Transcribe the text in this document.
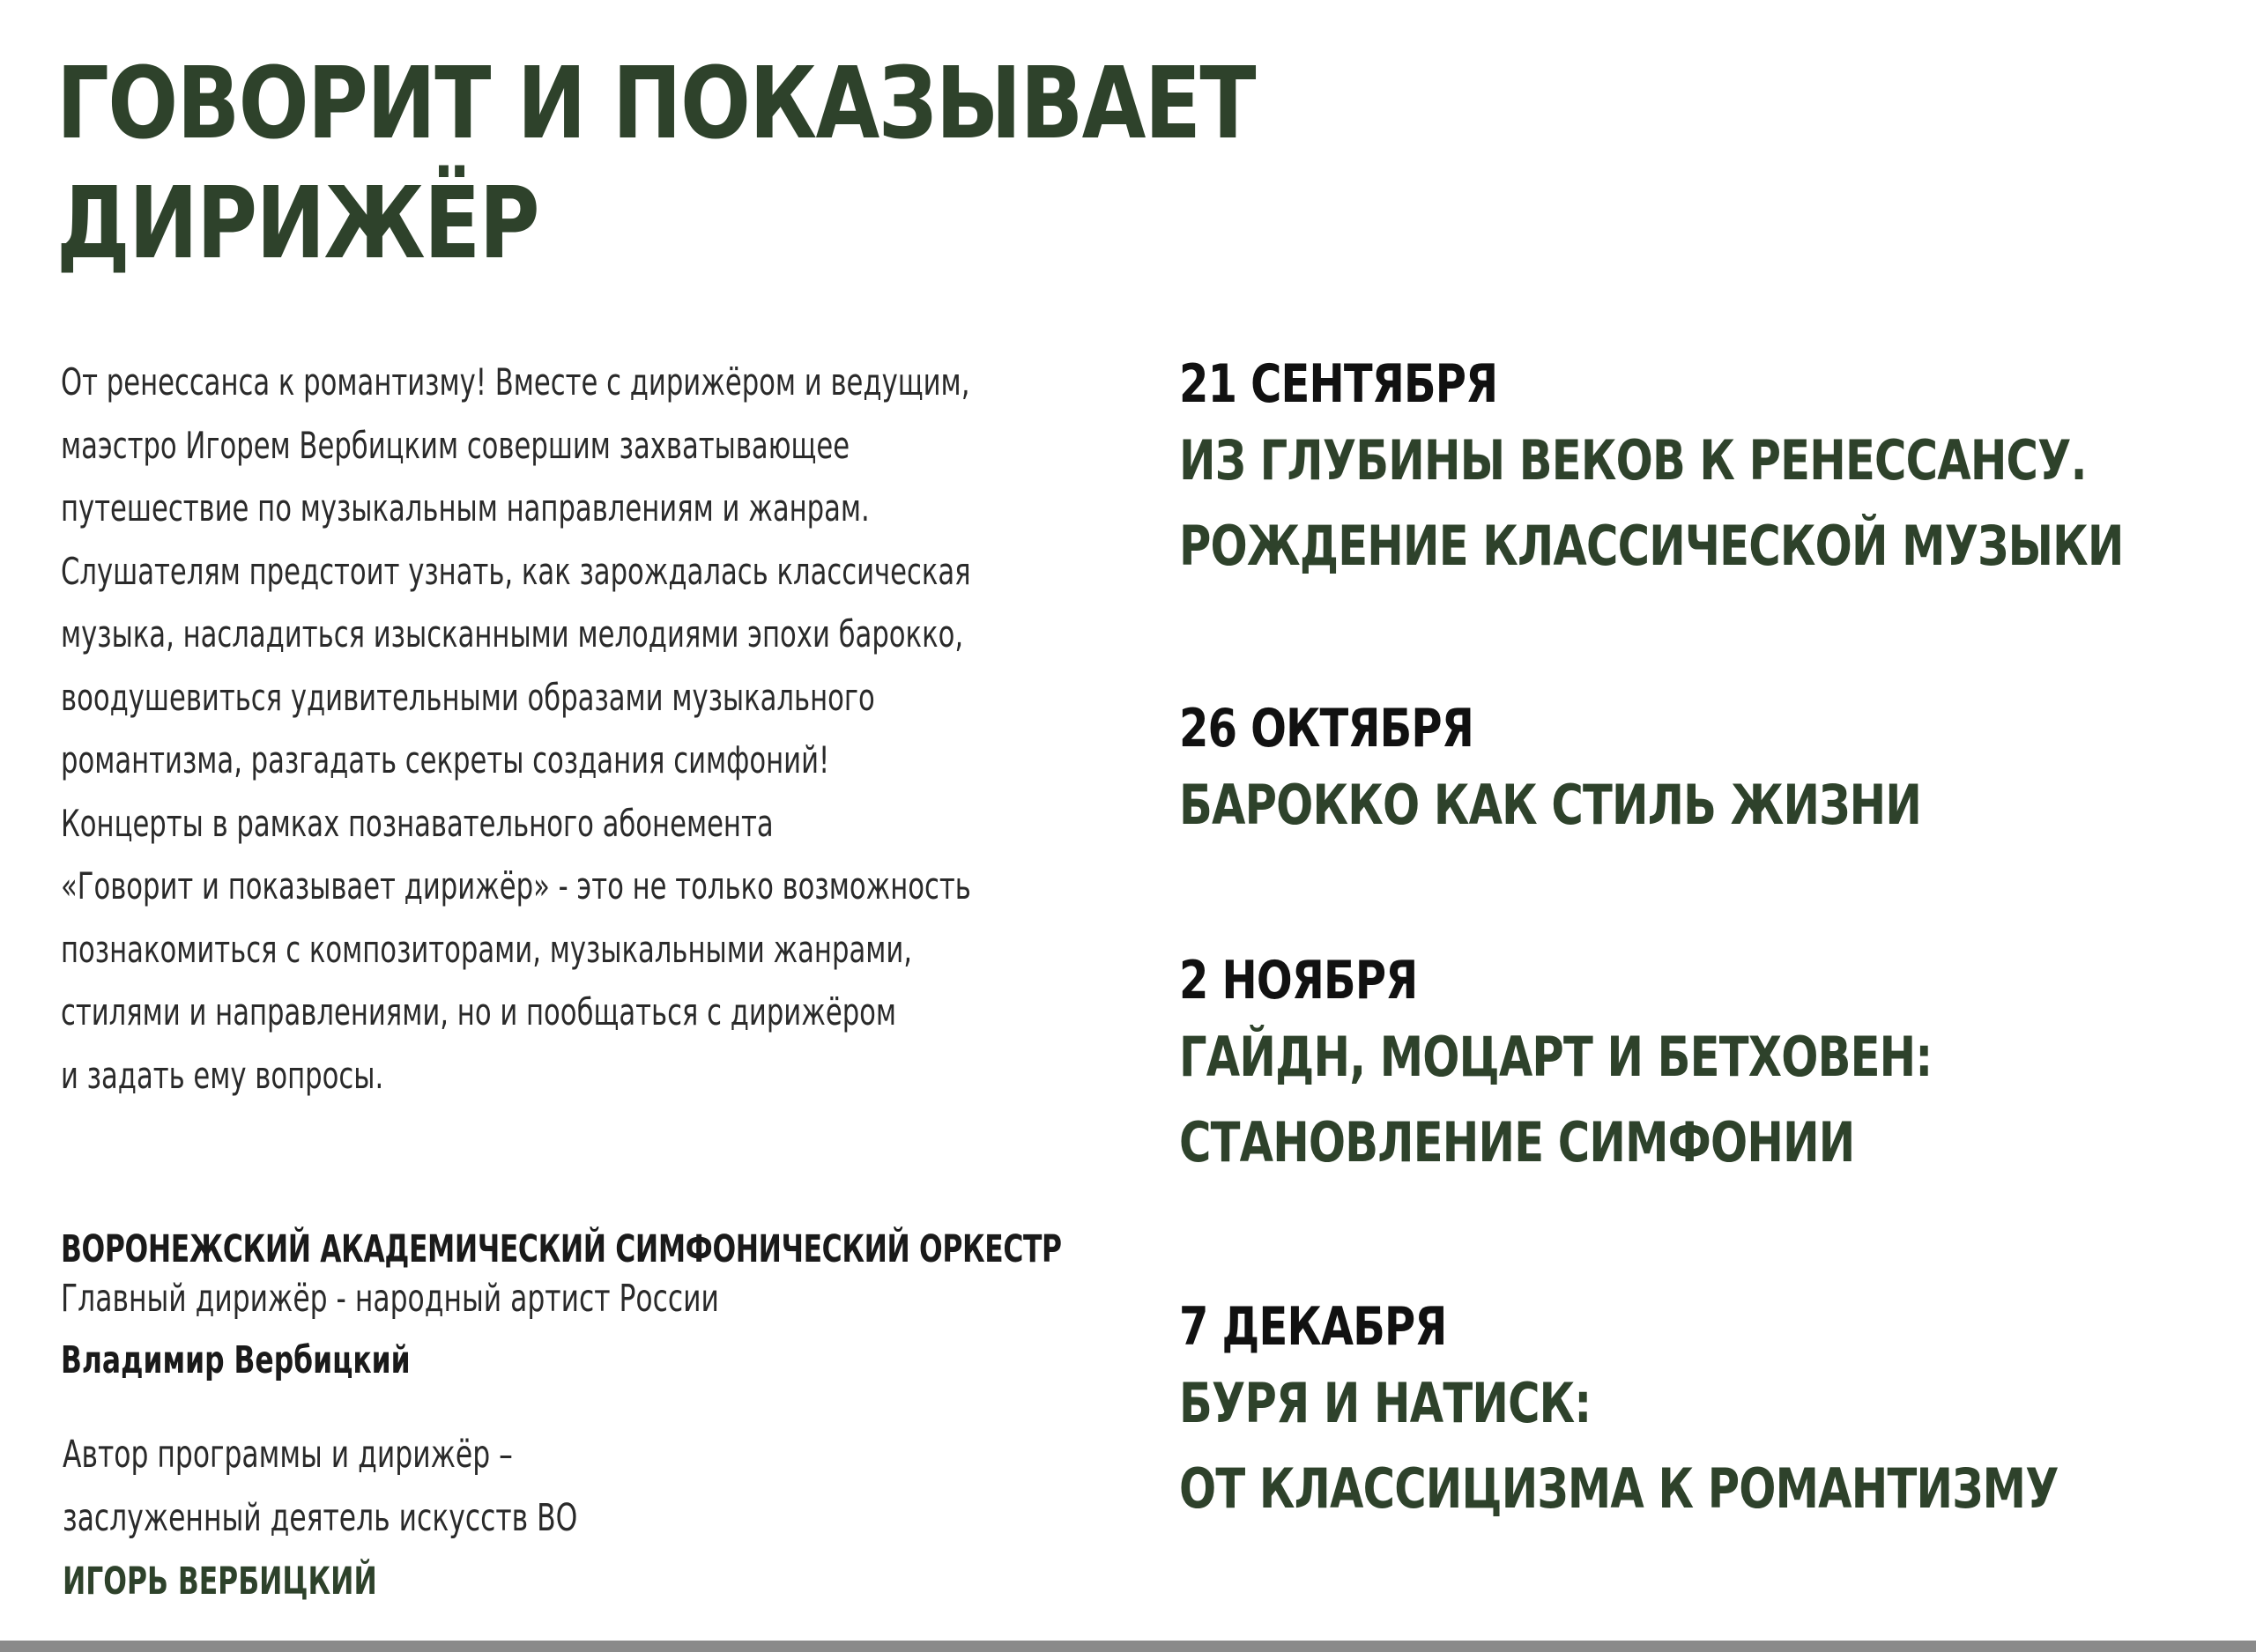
ГОВОРИТ И ПОКАЗЫВАЕТ
ДИРИЖЁР
От ренессанса к романтизму! Вместе с дирижёром и ведущим,
маэстро Игорем Вербицким совершим захватывающее
путешествие по музыкальным направлениям и жанрам.
Слушателям предстоит узнать, как зарождалась классическая
музыка, насладиться изысканными мелодиями эпохи барокко,
воодушевиться удивительными образами музыкального
романтизма, разгадать секреты создания симфоний!
Концерты в рамках познавательного абонемента
«Говорит и показывает дирижёр» - это не только возможность
познакомиться с композиторами, музыкальными жанрами,
стилями и направлениями, но и пообщаться с дирижёром
и задать ему вопросы.
ВОРОНЕЖСКИЙ АКАДЕМИЧЕСКИЙ СИМФОНИЧЕСКИЙ ОРКЕСТР
Главный дирижёр - народный артист России
Владимир Вербицкий
Автор программы и дирижёр –
заслуженный деятель искусств ВО
ИГОРЬ ВЕРБИЦКИЙ
21 СЕНТЯБРЯ
ИЗ ГЛУБИНЫ ВЕКОВ К РЕНЕССАНСУ.
РОЖДЕНИЕ КЛАССИЧЕСКОЙ МУЗЫКИ
26 ОКТЯБРЯ
БАРОККО КАК СТИЛЬ ЖИЗНИ
2 НОЯБРЯ
ГАЙДН, МОЦАРТ И БЕТХОВЕН:
СТАНОВЛЕНИЕ СИМФОНИИ
7 ДЕКАБРЯ
БУРЯ И НАТИСК:
ОТ КЛАССИЦИЗМА К РОМАНТИЗМУ
